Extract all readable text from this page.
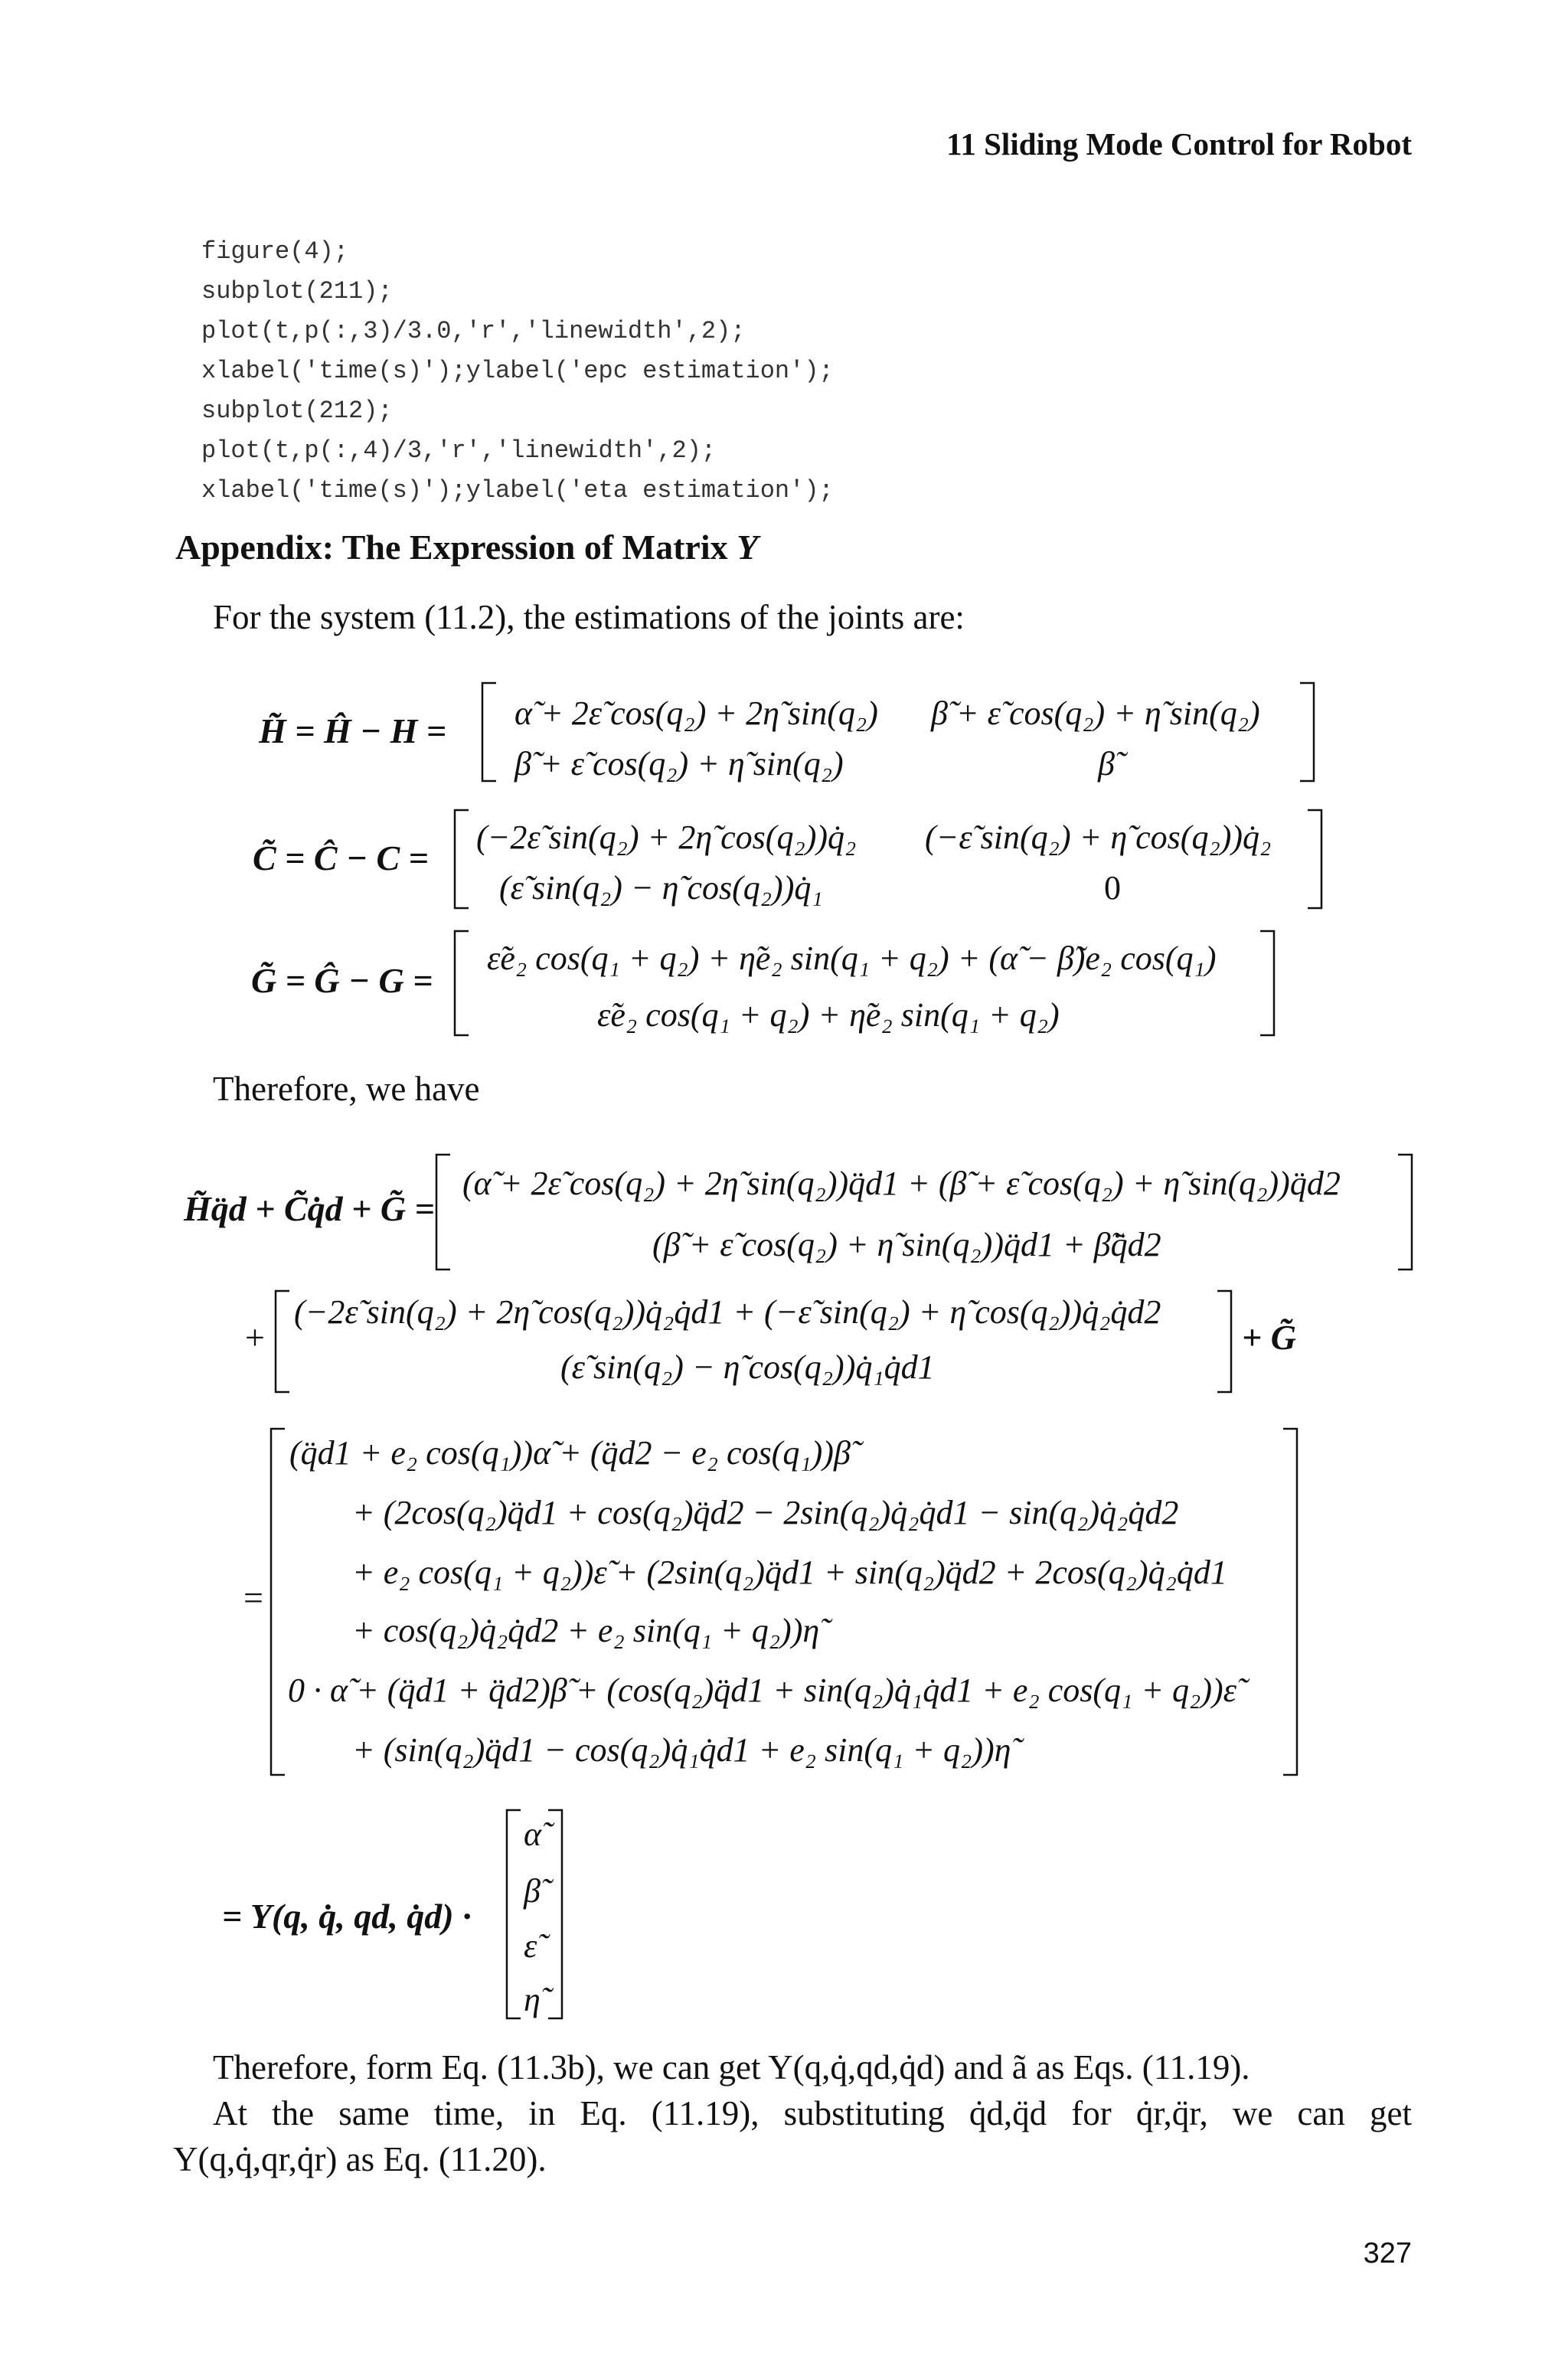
11 Sliding Mode Control for Robot
figure(4);
subplot(211);
plot(t,p(:,3)/3.0,'r','linewidth',2);
xlabel('time(s)');ylabel('epc estimation');
subplot(212);
plot(t,p(:,4)/3,'r','linewidth',2);
xlabel('time(s)');ylabel('eta estimation');
Appendix: The Expression of Matrix Y
For the system (11.2), the estimations of the joints are:
H̃ = Ĥ − H = α̃ + 2ε̃ cos(q₂) + 2η̃ sin(q₂) β̃ + ε̃ cos(q₂) + η̃ sin(q₂)
β̃ + ε̃ cos(q₂) + η̃ sin(q₂)	β̃
C̃ = Ĉ − C =
(−2ε̃ sin(q₂) + 2η̃ cos(q₂))q̇₂ (−ε̃ sin(q₂) + η̃ cos(q₂))q̇₂
(ε̃ sin(q₂) − η̃ cos(q₂))q̇₁	0
G̃ = Ĝ − G =
ε̃e₂ cos(q₁ + q₂) + η̃e₂ sin(q₁ + q₂) + (α̃ − β̃)e₂ cos(q₁)
ε̃e₂ cos(q₁ + q₂) + η̃e₂ sin(q₁ + q₂)
Therefore, we have
H̃q̈d + C̃q̇d + G̃ =
(α̃ + 2ε̃ cos(q₂) + 2η̃ sin(q₂))q̈d1 + (β̃ + ε̃ cos(q₂) + η̃ sin(q₂))q̈d2
(β̃ + ε̃ cos(q₂) + η̃ sin(q₂))q̈d1 + β̃q̈d2
+
(−2ε̃ sin(q₂) + 2η̃ cos(q₂))q̇₂q̇d1 + (−ε̃ sin(q₂) + η̃ cos(q₂))q̇₂q̇d2
(ε̃ sin(q₂) − η̃ cos(q₂))q̇₁q̇d1
+ G̃
=
(q̈d1 + e₂ cos(q₁))α̃ + (q̈d2 − e₂ cos(q₁))β̃
+ (2cos(q₂)q̈d1 + cos(q₂)q̈d2 − 2sin(q₂)q̇₂q̇d1 − sin(q₂)q̇₂q̇d2
+ e₂ cos(q₁ + q₂))ε̃ + (2sin(q₂)q̈d1 + sin(q₂)q̈d2 + 2cos(q₂)q̇₂q̇d1
+ cos(q₂)q̇₂q̇d2 + e₂ sin(q₁ + q₂))η̃
0 · α̃ + (q̈d1 + q̈d2)β̃ + (cos(q₂)q̈d1 + sin(q₂)q̇₁q̇d1 + e₂ cos(q₁ + q₂))ε̃
+ (sin(q₂)q̈d1 − cos(q₂)q̇₁q̇d1 + e₂ sin(q₁ + q₂))η̃
= Y(q, q̇, qd, q̇d) ·
α̃
β̃
ε̃
η̃
Therefore, form Eq. (11.3b), we can get Y(q,q̇,qd,q̇d) and ã as Eqs. (11.19).
At the same time, in Eq. (11.19), substituting q̇d,q̈d for q̇r,q̈r, we can get
Y(q,q̇,qr,q̇r) as Eq. (11.20).
327
